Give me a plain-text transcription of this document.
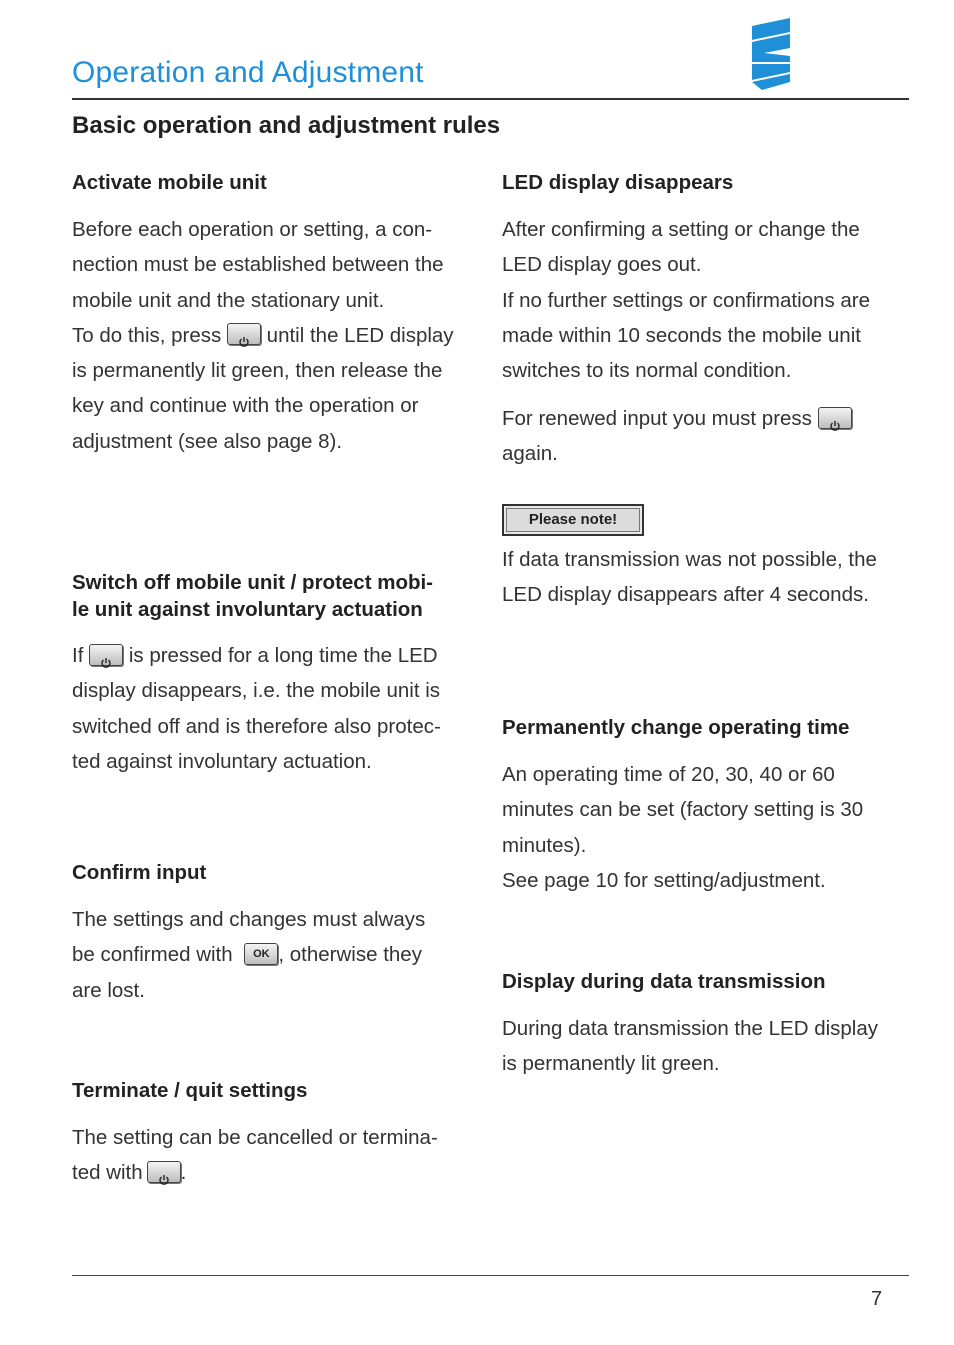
Operation and Adjustment
Basic operation and adjustment rules
Activate mobile unit
Before each operation or setting, a con-
nection must be established between the
mobile unit and the stationary unit.
To do this, press until the LED display
is permanently lit green, then release the
key and continue with the operation or
adjustment (see also page 8).
Switch off mobile unit / protect mobi-
le unit against involuntary actuation
If is pressed for a long time the LED
display disappears, i.e. the mobile unit is
switched off and is therefore also protec-
ted against involuntary actuation.
Confirm input
The settings and changes must always
be confirmed with OK , otherwise they
are lost.
Terminate / quit settings
The setting can be cancelled or termina-
ted with .
LED display disappears
After confirming a setting or change the
LED display goes out.
If no further settings or confirmations are
made within 10 seconds the mobile unit
switches to its normal condition.
For renewed input you must press
again.
Please note!
If data transmission was not possible, the
LED display disappears after 4 seconds.
Permanently change operating time
An operating time of 20, 30, 40 or 60
minutes can be set (factory setting is 30
minutes).
See page 10 for setting/adjustment.
Display during data transmission
During data transmission the LED display
is permanently lit green.
7
